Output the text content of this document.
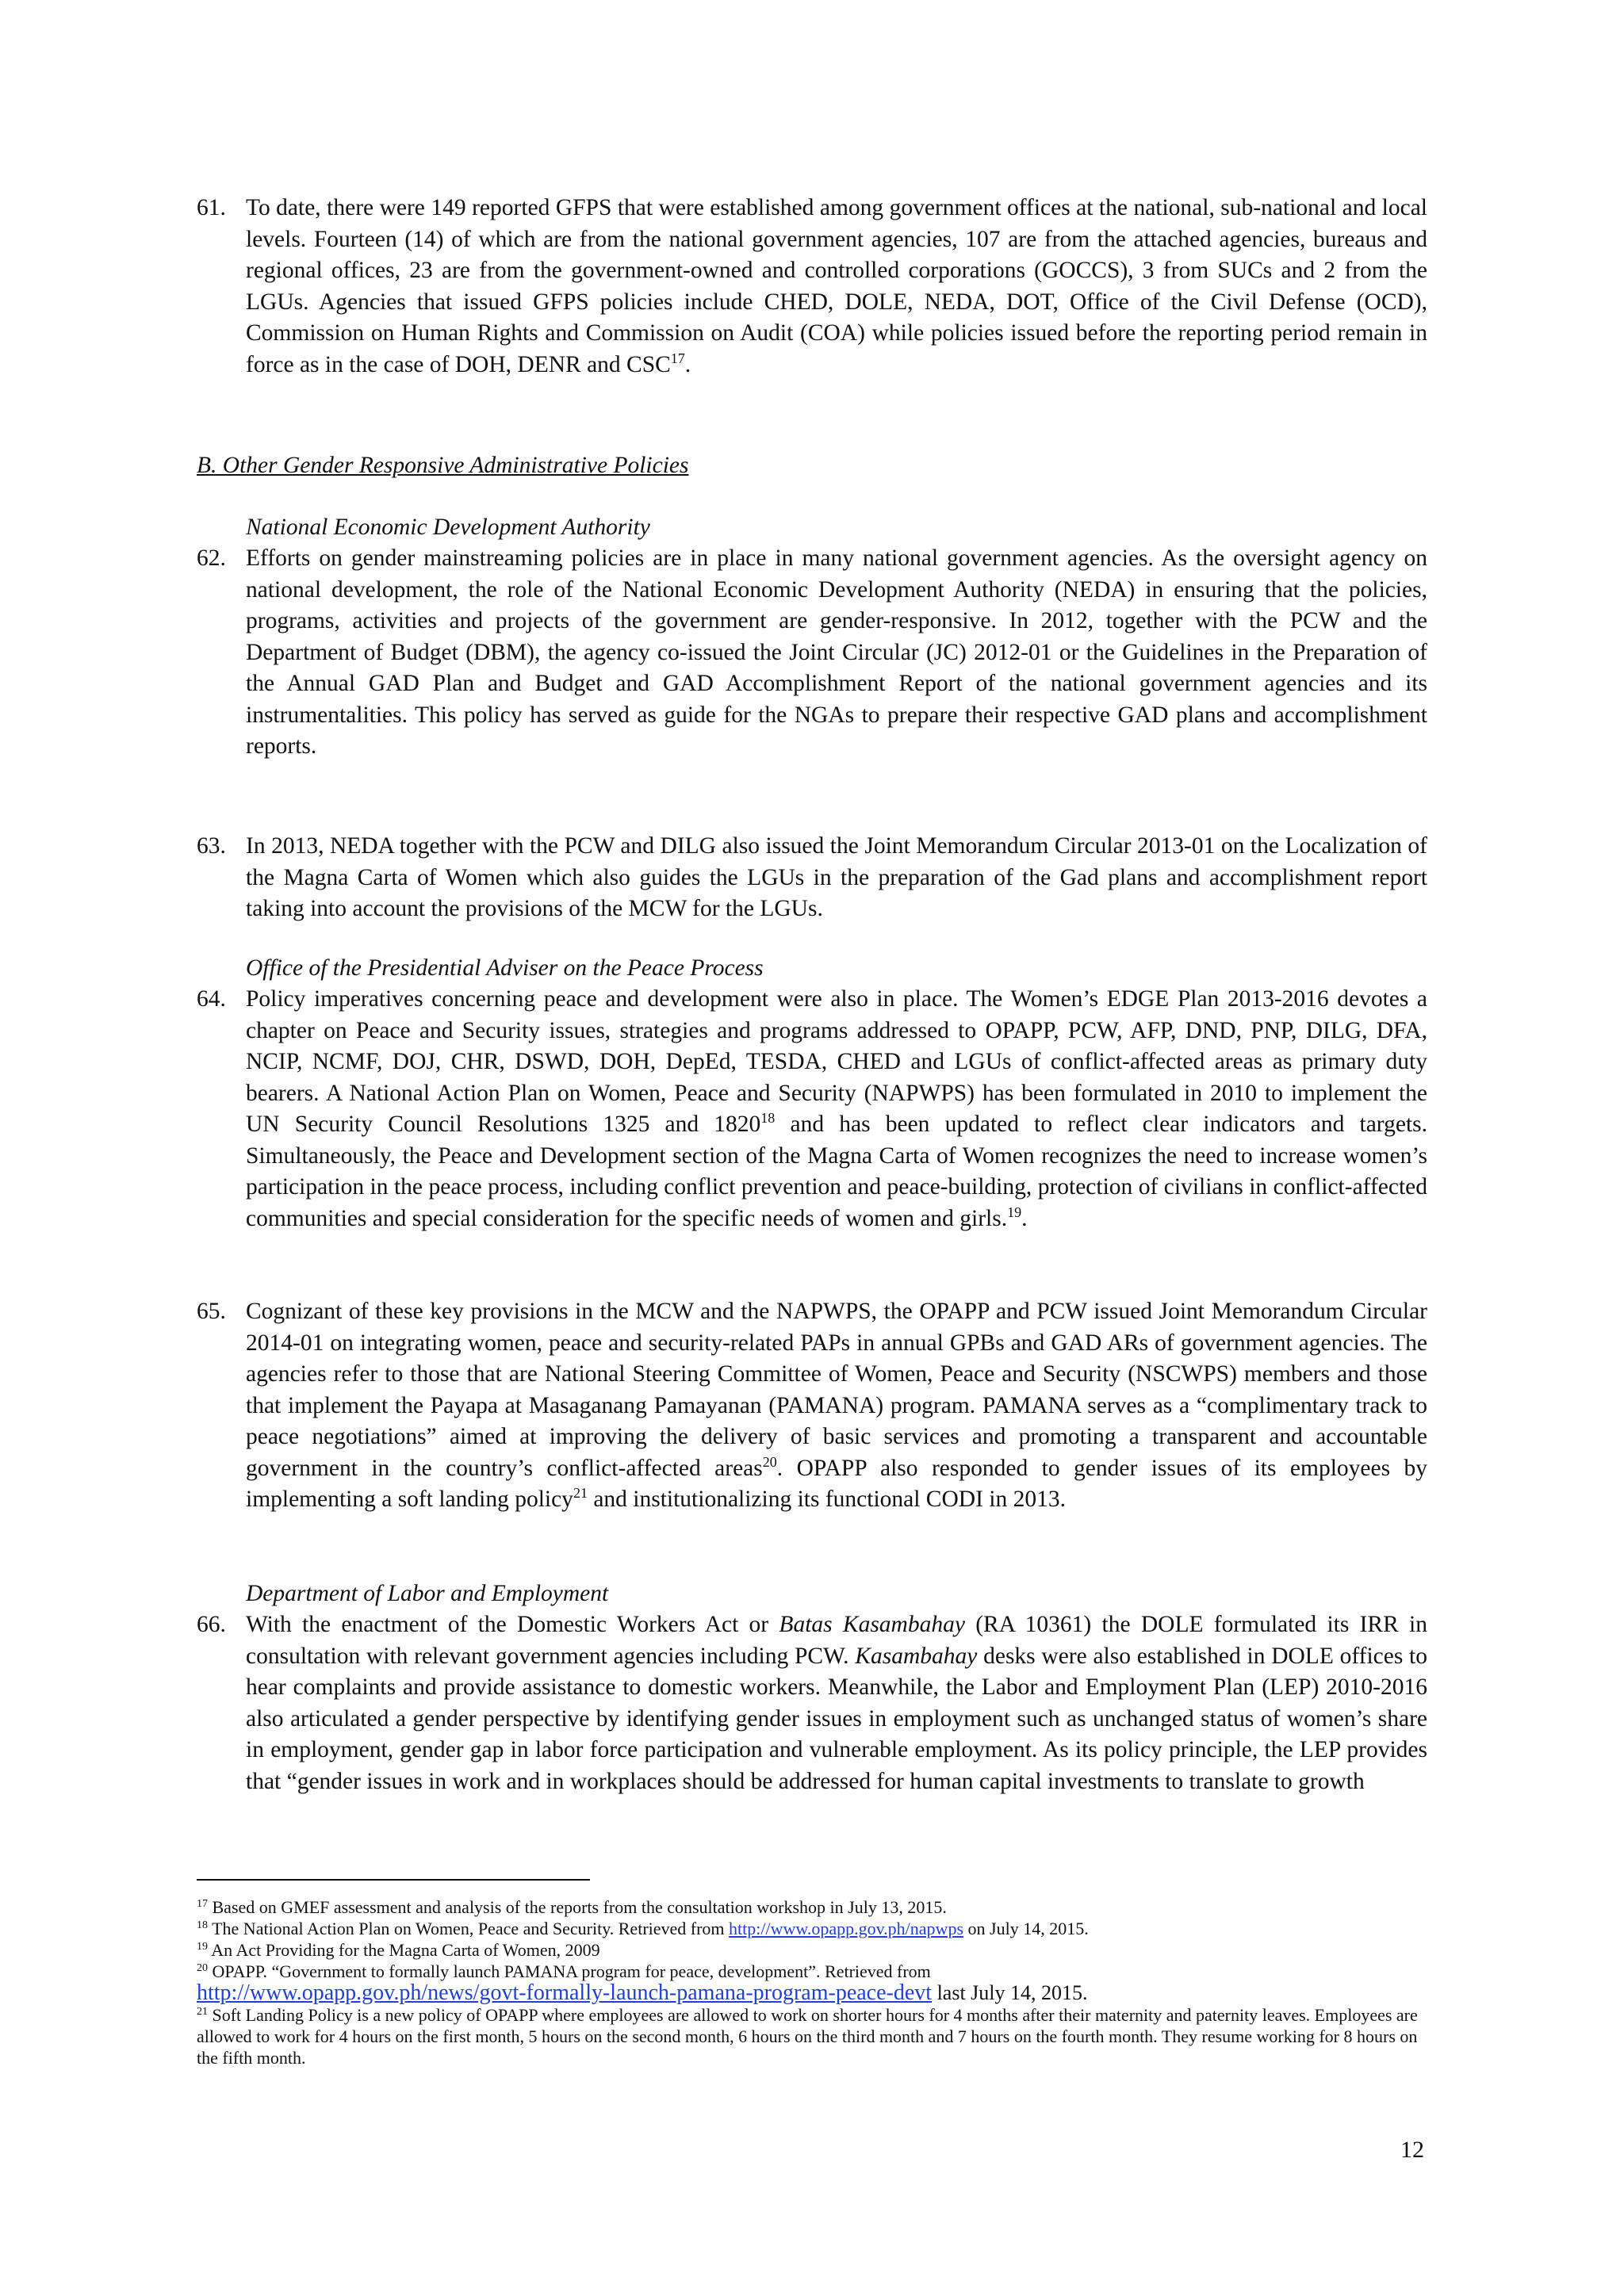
61. To date, there were 149 reported GFPS that were established among government offices at the national, sub-national and local levels. Fourteen (14) of which are from the national government agencies, 107 are from the attached agencies, bureaus and regional offices, 23 are from the government-owned and controlled corporations (GOCCS), 3 from SUCs and 2 from the LGUs. Agencies that issued GFPS policies include CHED, DOLE, NEDA, DOT, Office of the Civil Defense (OCD), Commission on Human Rights and Commission on Audit (COA) while policies issued before the reporting period remain in force as in the case of DOH, DENR and CSC$^{17}$.
B. Other Gender Responsive Administrative Policies
National Economic Development Authority
62. Efforts on gender mainstreaming policies are in place in many national government agencies. As the oversight agency on national development, the role of the National Economic Development Authority (NEDA) in ensuring that the policies, programs, activities and projects of the government are gender-responsive. In 2012, together with the PCW and the Department of Budget (DBM), the agency co-issued the Joint Circular (JC) 2012-01 or the Guidelines in the Preparation of the Annual GAD Plan and Budget and GAD Accomplishment Report of the national government agencies and its instrumentalities. This policy has served as guide for the NGAs to prepare their respective GAD plans and accomplishment reports.
63. In 2013, NEDA together with the PCW and DILG also issued the Joint Memorandum Circular 2013-01 on the Localization of the Magna Carta of Women which also guides the LGUs in the preparation of the Gad plans and accomplishment report taking into account the provisions of the MCW for the LGUs.
Office of the Presidential Adviser on the Peace Process
64. Policy imperatives concerning peace and development were also in place. The Women’s EDGE Plan 2013-2016 devotes a chapter on Peace and Security issues, strategies and programs addressed to OPAPP, PCW, AFP, DND, PNP, DILG, DFA, NCIP, NCMF, DOJ, CHR, DSWD, DOH, DepEd, TESDA, CHED and LGUs of conflict-affected areas as primary duty bearers. A National Action Plan on Women, Peace and Security (NAPWPS) has been formulated in 2010 to implement the UN Security Council Resolutions 1325 and 1820$^{18}$ and has been updated to reflect clear indicators and targets. Simultaneously, the Peace and Development section of the Magna Carta of Women recognizes the need to increase women’s participation in the peace process, including conflict prevention and peace-building, protection of civilians in conflict-affected communities and special consideration for the specific needs of women and girls.$^{19}$.
65. Cognizant of these key provisions in the MCW and the NAPWPS, the OPAPP and PCW issued Joint Memorandum Circular 2014-01 on integrating women, peace and security-related PAPs in annual GPBs and GAD ARs of government agencies. The agencies refer to those that are National Steering Committee of Women, Peace and Security (NSCWPS) members and those that implement the Payapa at Masaganang Pamayanan (PAMANA) program. PAMANA serves as a “complimentary track to peace negotiations” aimed at improving the delivery of basic services and promoting a transparent and accountable government in the country’s conflict-affected areas$^{20}$. OPAPP also responded to gender issues of its employees by implementing a soft landing policy$^{21}$ and institutionalizing its functional CODI in 2013.
Department of Labor and Employment
66. With the enactment of the Domestic Workers Act or Batas Kasambahay (RA 10361) the DOLE formulated its IRR in consultation with relevant government agencies including PCW. Kasambahay desks were also established in DOLE offices to hear complaints and provide assistance to domestic workers. Meanwhile, the Labor and Employment Plan (LEP) 2010-2016 also articulated a gender perspective by identifying gender issues in employment such as unchanged status of women’s share in employment, gender gap in labor force participation and vulnerable employment. As its policy principle, the LEP provides that “gender issues in work and in workplaces should be addressed for human capital investments to translate to growth

$^{17}$ Based on GMEF assessment and analysis of the reports from the consultation workshop in July 13, 2015.

$^{18}$ The National Action Plan on Women, Peace and Security. Retrieved from http://www.opapp.gov.ph/napwps on July 14, 2015.

$^{19}$ An Act Providing for the Magna Carta of Women, 2009

$^{20}$ OPAPP. “Government to formally launch PAMANA program for peace, development”. Retrieved from
http://www.opapp.gov.ph/news/govt-formally-launch-pamana-program-peace-devt last July 14, 2015.

$^{21}$ Soft Landing Policy is a new policy of OPAPP where employees are allowed to work on shorter hours for 4 months after their maternity and paternity leaves. Employees are allowed to work for 4 hours on the first month, 5 hours on the second month, 6 hours on the third month and 7 hours on the fourth month. They resume working for 8 hours on the fifth month.

12
